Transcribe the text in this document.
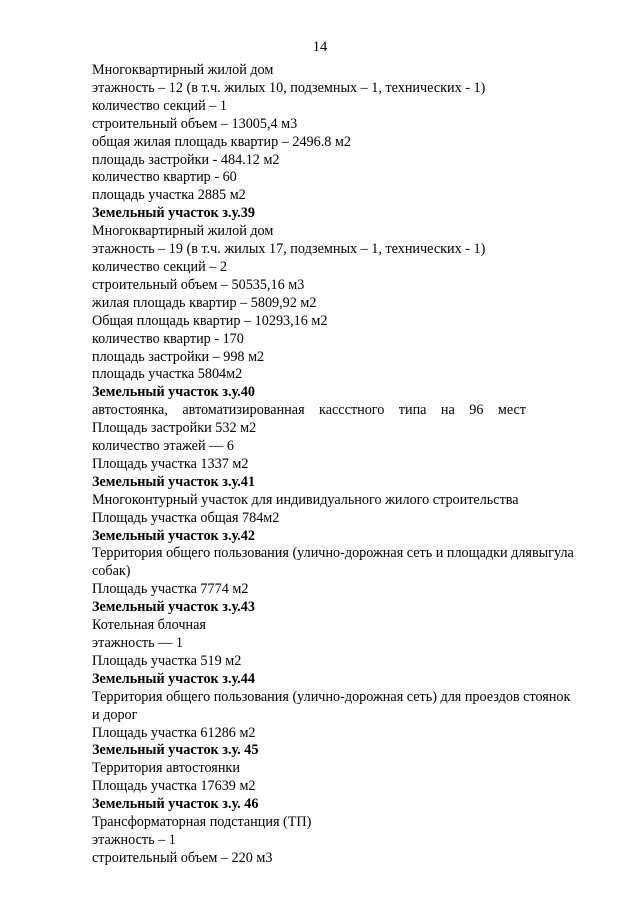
14
Многоквартирный жилой дом
этажность – 12 (в т.ч. жилых 10, подземных – 1, технических - 1)
количество секций – 1
строительный объем – 13005,4 м3
общая жилая площадь квартир – 2496.8 м2
площадь застройки - 484.12 м2
количество квартир - 60
площадь участка 2885 м2
Земельный участок з.у.39
Многоквартирный жилой дом
этажность – 19 (в т.ч. жилых 17, подземных – 1, технических - 1)
количество секций – 2
строительный объем – 50535,16 м3
жилая площадь квартир – 5809,92 м2
Общая площадь квартир – 10293,16 м2
количество квартир - 170
площадь застройки – 998 м2
площадь участка 5804м2
Земельный участок з.у.40
автостоянка, автоматизированная кассстного типа на 96 мест
Площадь застройки 532 м2
количество этажей — 6
Площадь участка 1337 м2
Земельный участок з.у.41
Многоконтурный участок для индивидуального жилого строительства
Площадь участка общая 784м2
Земельный участок з.у.42
Территория общего пользования (улично-дорожная сеть и площадки длявыгула
собак)
Площадь участка 7774 м2
Земельный участок з.у.43
Котельная блочная
этажность — 1
Площадь участка 519 м2
Земельный участок з.у.44
Территория общего пользования (улично-дорожная сеть) для проездов стоянок
и дорог
Площадь участка 61286 м2
Земельный участок з.у. 45
Территория автостоянки
Площадь участка 17639 м2
Земельный участок з.у. 46
Трансформаторная подстанция (ТП)
этажность – 1
строительный объем – 220 м3
